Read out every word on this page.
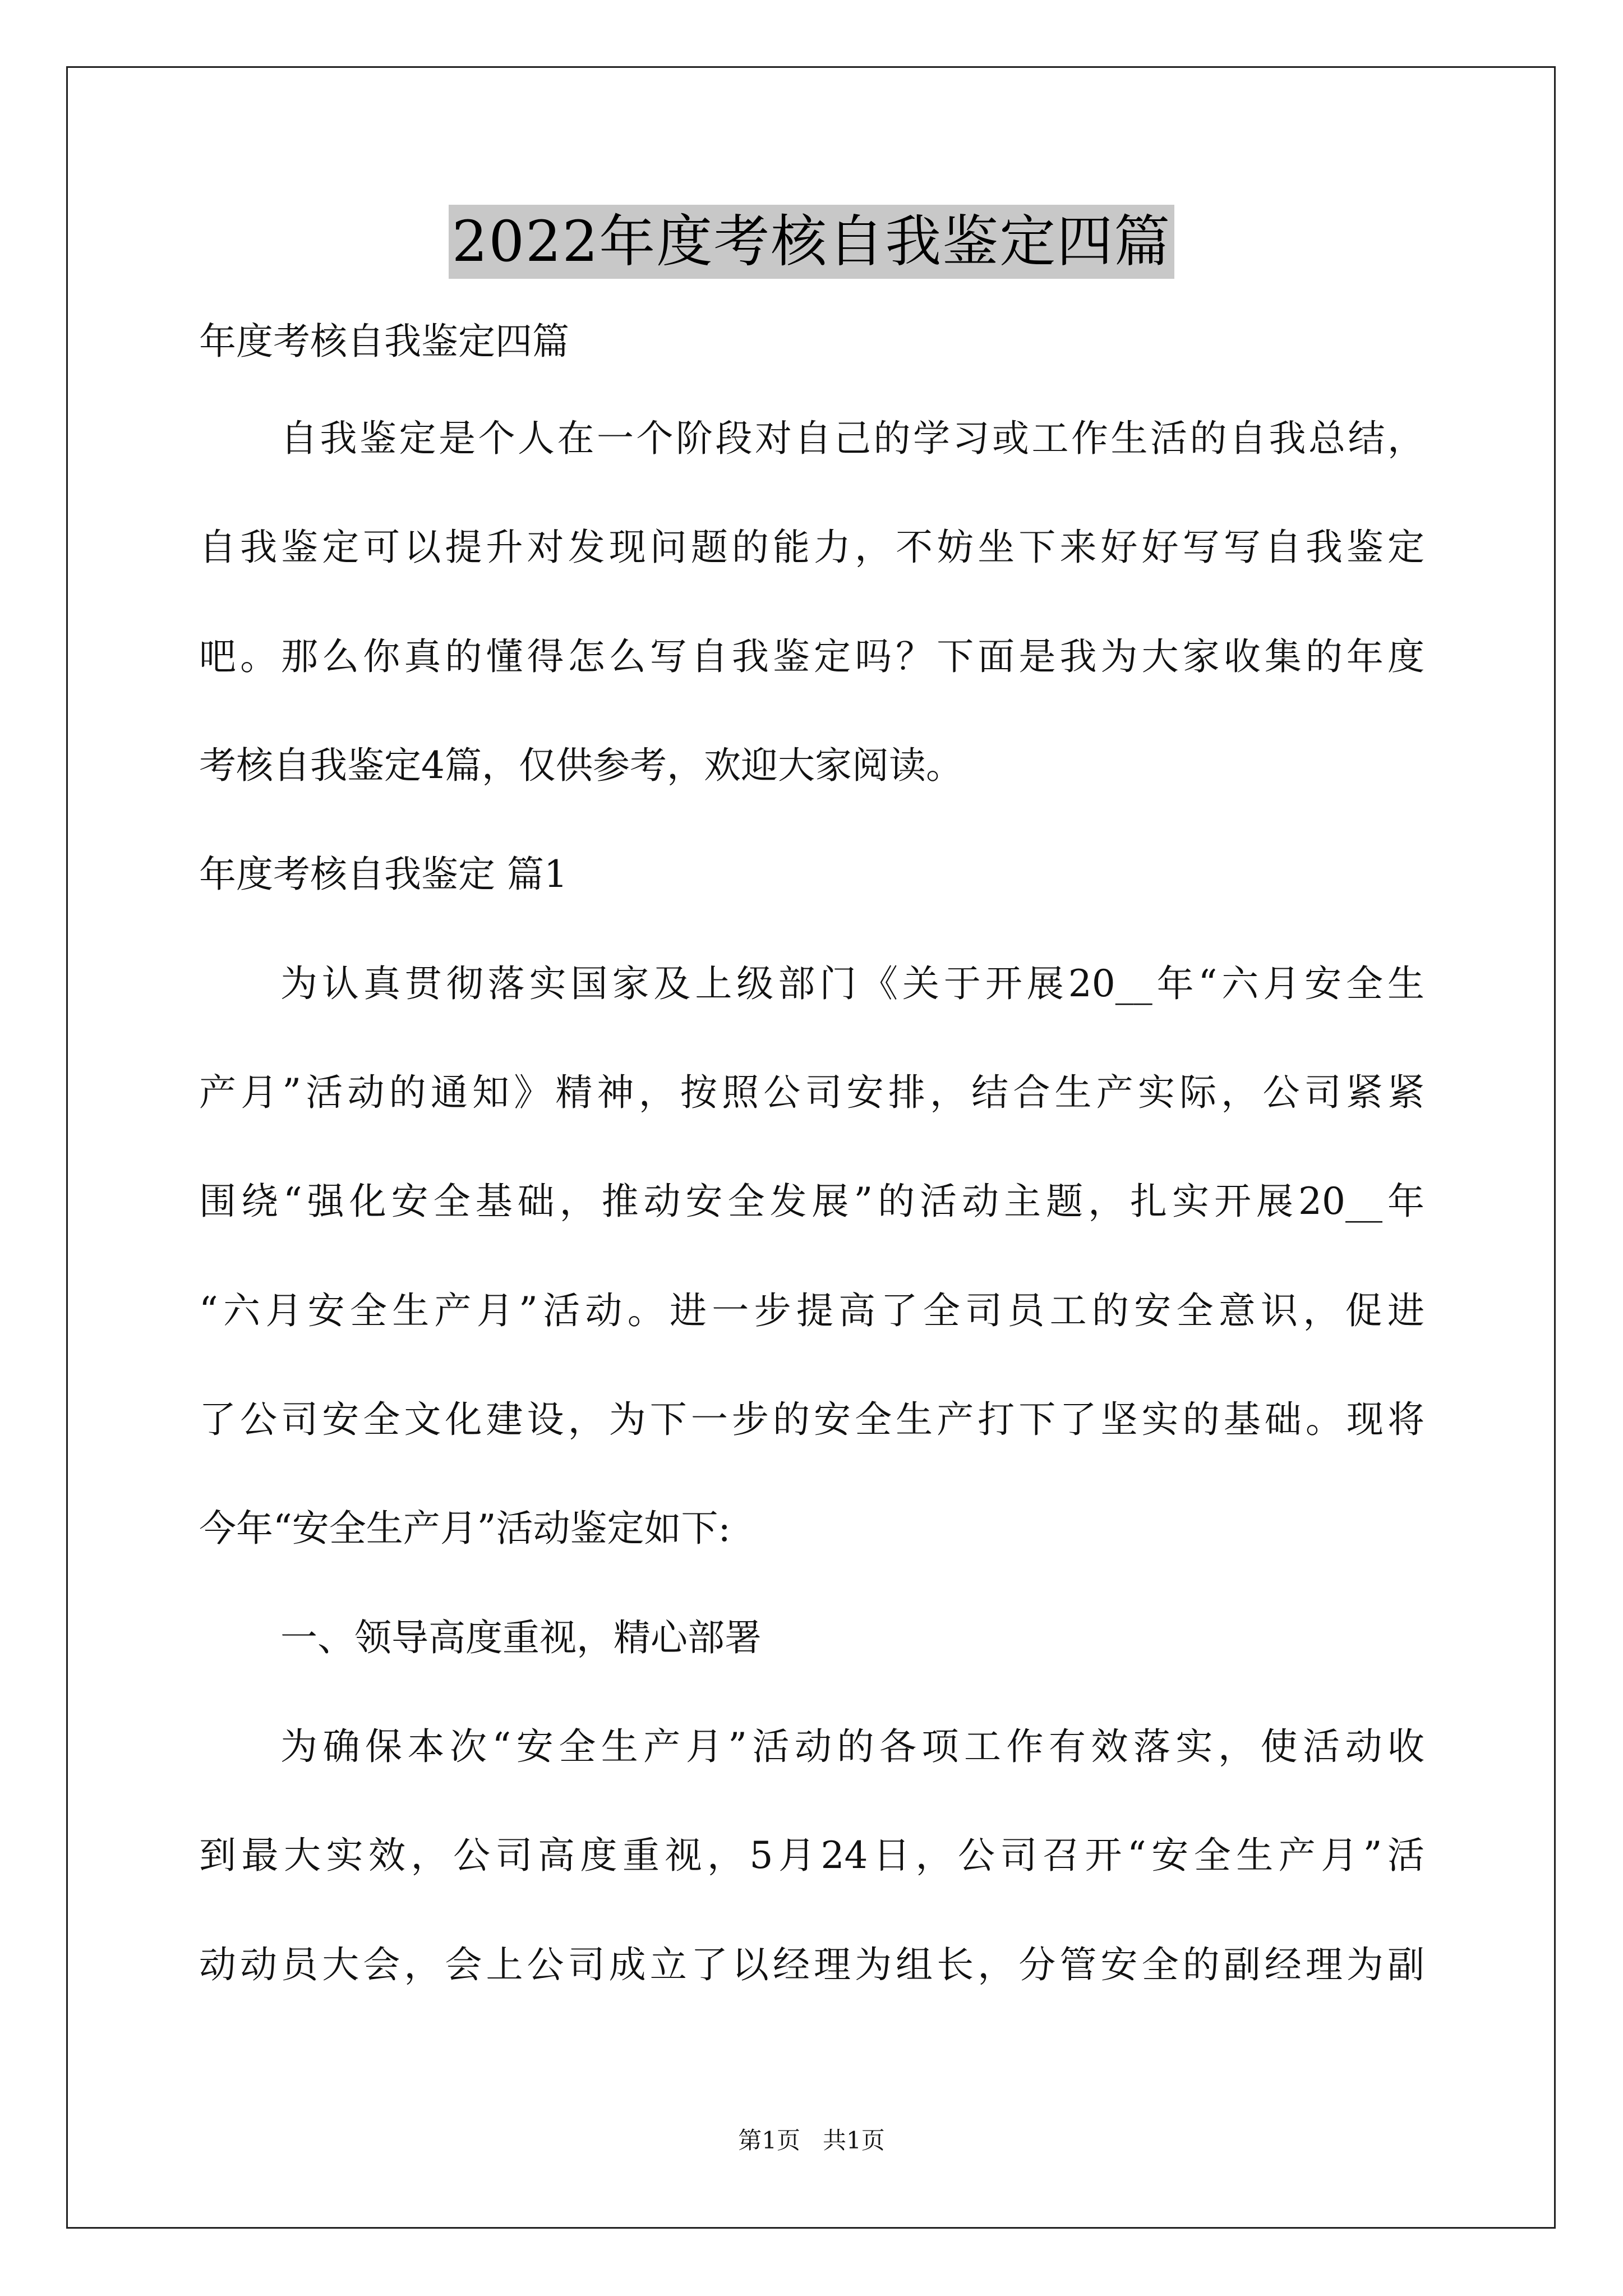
2022年度考核自我鉴定四篇

年度考核自我鉴定四篇

自我鉴定是个人在一个阶段对自己的学习或工作生活的自我总结，

自我鉴定可以提升对发现问题的能力，不妨坐下来好好写写自我鉴定

吧。那么你真的懂得怎么写自我鉴定吗？下面是我为大家收集的年度

考核自我鉴定4篇，仅供参考，欢迎大家阅读。

年度考核自我鉴定 篇1

为认真贯彻落实国家及上级部门《关于开展20__年“六月安全生

产月”活动的通知》精神，按照公司安排，结合生产实际，公司紧紧

围绕“强化安全基础，推动安全发展”的活动主题，扎实开展20__年

“六月安全生产月”活动。进一步提高了全司员工的安全意识，促进

了公司安全文化建设，为下一步的安全生产打下了坚实的基础。现将

今年“安全生产月”活动鉴定如下:

一、领导高度重视，精心部署

为确保本次“安全生产月”活动的各项工作有效落实，使活动收

到最大实效，公司高度重视，5月24日，公司召开“安全生产月”活

动动员大会，会上公司成立了以经理为组长，分管安全的副经理为副

第1页 共1页
